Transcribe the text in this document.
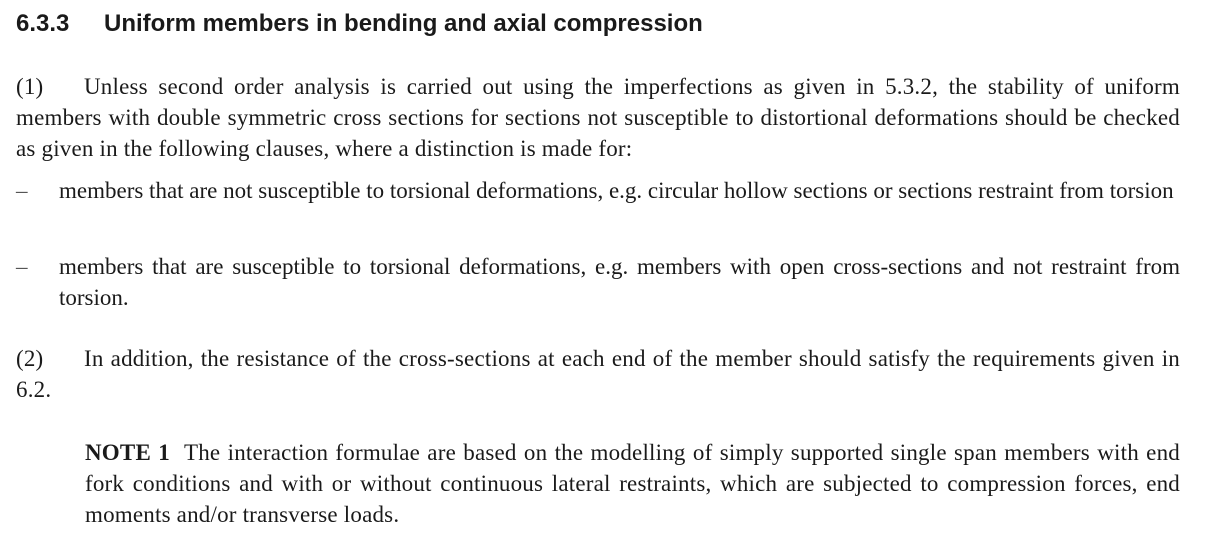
6.3.3 Uniform members in bending and axial compression
(1) Unless second order analysis is carried out using the imperfections as given in 5.3.2, the stability of uniform members with double symmetric cross sections for sections not susceptible to distortional deformations should be checked as given in the following clauses, where a distinction is made for:
–	members that are not susceptible to torsional deformations, e.g. circular hollow sections or sections restraint from torsion
–	members that are susceptible to torsional deformations, e.g. members with open cross-sections and not restraint from torsion.
(2) In addition, the resistance of the cross-sections at each end of the member should satisfy the requirements given in 6.2.
NOTE 1 The interaction formulae are based on the modelling of simply supported single span members with end fork conditions and with or without continuous lateral restraints, which are subjected to compression forces, end moments and/or transverse loads.
